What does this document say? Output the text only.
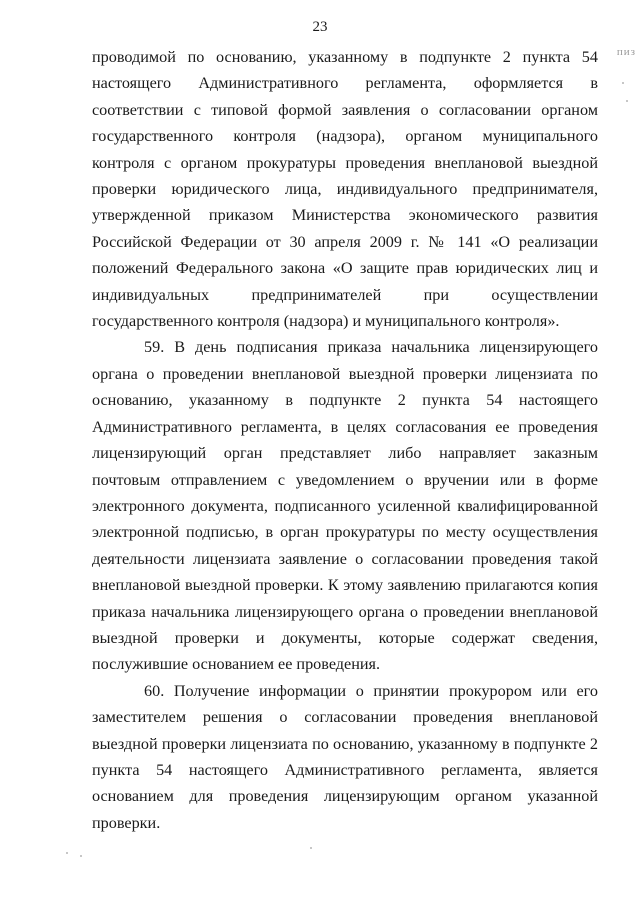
23
пиз

проводимой по основанию, указанному в подпункте 2 пункта 54 настоящего Административного регламента, оформляется в соответствии с типовой формой заявления о согласовании органом государственного контроля (надзора), органом муниципального контроля с органом прокуратуры проведения внеплановой выездной проверки юридического лица, индивидуального предпринимателя, утвержденной приказом Министерства экономического развития Российской Федерации от 30 апреля 2009 г. № 141 «О реализации положений Федерального закона «О защите прав юридических лиц и индивидуальных предпринимателей при осуществлении государственного контроля (надзора) и муниципального контроля».

59. В день подписания приказа начальника лицензирующего органа о проведении внеплановой выездной проверки лицензиата по основанию, указанному в подпункте 2 пункта 54 настоящего Административного регламента, в целях согласования ее проведения лицензирующий орган представляет либо направляет заказным почтовым отправлением с уведомлением о вручении или в форме электронного документа, подписанного усиленной квалифицированной электронной подписью, в орган прокуратуры по месту осуществления деятельности лицензиата заявление о согласовании проведения такой внеплановой выездной проверки. К этому заявлению прилагаются копия приказа начальника лицензирующего органа о проведении внеплановой выездной проверки и документы, которые содержат сведения, послужившие основанием ее проведения.

60. Получение информации о принятии прокурором или его заместителем решения о согласовании проведения внеплановой выездной проверки лицензиата по основанию, указанному в подпункте 2 пункта 54 настоящего Административного регламента, является основанием для проведения лицензирующим органом указанной проверки.
